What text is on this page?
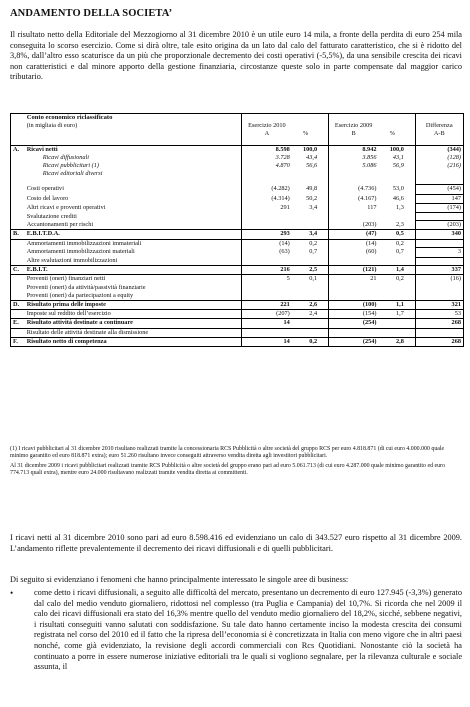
ANDAMENTO DELLA SOCIETA’
Il risultato netto della Editoriale del Mezzogiorno al 31 dicembre 2010 è un utile euro 14 mila, a fronte della perdita di euro 254 mila conseguita lo scorso esercizio. Come si dirà oltre, tale esito origina da un lato dal calo del fatturato caratteristico, che si è ridotto del 3,8%, dall’altro esso scaturisce da un più che proporzionale decremento dei costi operativi (-5,5%), da una sensibile crescita dei ricavi non caratteristici e dal minore apporto della gestione finanziaria, circostanze queste solo in parte compensate dal maggior carico tributario.
	Conto economico riclassificato							
	(in migliaia di euro)	Esercizio 2010			Esercizio 2009			Differenza
		A	%		B	%		A-B

A.	Ricavi netti	8.598	100,0		8.942	100,0		(344)
	Ricavi diffusionali	3.728	43,4		3.856	43,1		(128)
	Ricavi pubblicitari (1)	4.870	56,6		5.086	56,9		(216)
	Ricavi editoriali diversi							

	Costi operativi	(4.282)	49,8		(4.736)	53,0		(454)
	Costo del lavoro	(4.314)	50,2		(4.167)	46,6		147
	Altri ricavi e proventi operativi	291	3,4		117	1,3		(174)
	Svalutazione crediti							
	Accantonamenti per rischi				(203)	2,3		(203)
B.	E.B.I.T.D.A.	293	3,4		(47)	0,5		340
	Ammortamenti immobilizzazioni immateriali	(14)	0,2		(14)	0,2		
	Ammortamenti immobilizzazioni materiali	(63)	0,7		(60)	0,7		3
	Altre svalutazioni immobilizzazioni							
C.	E.B.I.T.	216	2,5		(121)	1,4		337
	Proventi (oneri) finanziari netti	5	0,1		21	0,2		(16)
	Proventi (oneri) da attività/passività finanziarie							
	Proventi (oneri) da partecipazioni a equity							
D.	Risultato prima delle imposte	221	2,6		(100)	1,1		321
	Imposte sul reddito dell’esercizio	(207)	2,4		(154)	1,7		53
E.	Risultato attività destinate a continuare	14			(254)			268
	Risultato delle attività destinate alla dismissione							
F.	Risultato netto di competenza	14	0,2		(254)	2,8		268

(1) I ricavi pubblicitari al 31 dicembre 2010 risultano realizzati tramite la concessionaria RCS Pubblicità o altre società del gruppo RCS per euro 4.818.871 (di cui euro 4.000.000 quale minimo garantito ed euro 818.871 extra); euro 51.260 risultano invece conseguiti attraverso vendita diretta agli investitori pubblicitari.

Al 31 dicembre 2009 i ricavi pubblicitari realizzati tramite RCS Pubblicità o altre società del gruppo erano pari ad euro 5.061.713 (di cui euro 4.287.000 quale minimo garantito ed euro 774.713 quali extra), mentre euro 24.000 risultavano realizzati tramite vendita diretta ai committenti.

I ricavi netti al 31 dicembre 2010 sono pari ad euro 8.598.416 ed evidenziano un calo di 343.527 euro rispetto al 31 dicembre 2009. L’andamento riflette prevalentemente il decremento dei ricavi diffusionali e di quelli pubblicitari.
Di seguito si evidenziano i fenomeni che hanno principalmente interessato le singole aree di business:
•	come detto i ricavi diffusionali, a seguito alle difficoltà del mercato, presentano un decremento di euro 127.945 (-3,3%) generato dal calo del medio venduto giornaliero, ridottosi nel complesso (tra Puglia e Campania) del 10,7%. Si ricorda che nel 2009 il calo dei ricavi diffusionali era stato del 16,3% mentre quello del venduto medio giornaliero del 18,2%, sicché, sebbene negativi, i risultati conseguiti vanno salutati con soddisfazione. Su tale dato hanno certamente inciso la modesta crescita dei consumi registrata nel corso del 2010 ed il fatto che la ripresa dell’economia si è concretizzata in Italia con meno vigore che in altri paesi nonché, come già evidenziato, la revisione degli accordi commerciali con Rcs Quotidiani. Nonostante ciò la società ha continuato a porre in essere numerose iniziative editoriali tra le quali si vogliono segnalare, per la rilevanza culturale e sociale assunta, il
